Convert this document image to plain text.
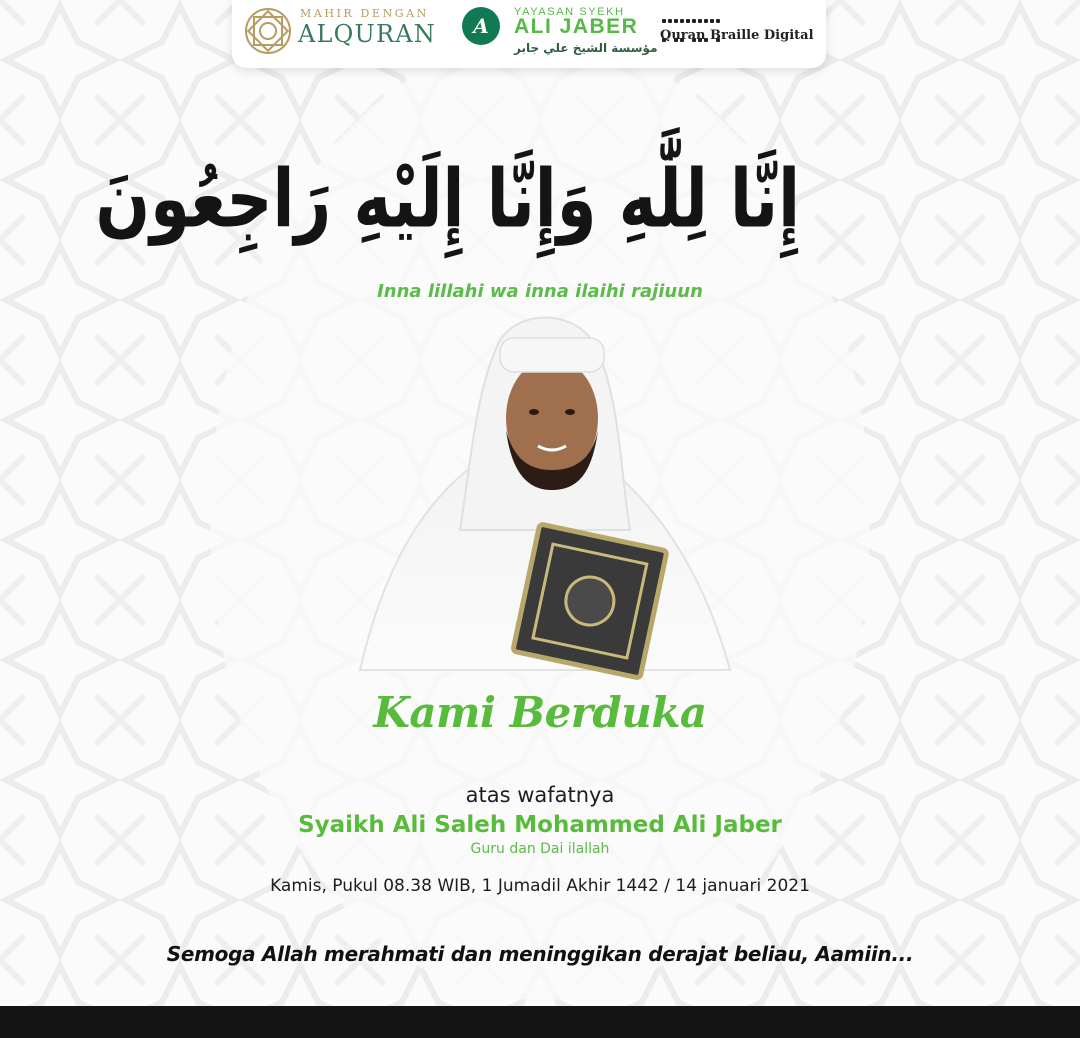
MAHIR DENGAN
ALQURAN	A
YAYASAN SYEKH
ALI JABER
مؤسسة الشيخ علي جابر

Quran Braille Digital
إِنَّا لِلَّٰهِ وَإِنَّا إِلَيْهِ رَاجِعُونَ
Inna lillahi wa inna ilaihi rajiuun
Kami Berduka
atas wafatnya
Syaikh Ali Saleh Mohammed Ali Jaber
Guru dan Dai ilallah
Kamis, Pukul 08.38 WIB, 1 Jumadil Akhir 1442 / 14 januari 2021
Semoga Allah merahmati dan meninggikan derajat beliau, Aamiin...
